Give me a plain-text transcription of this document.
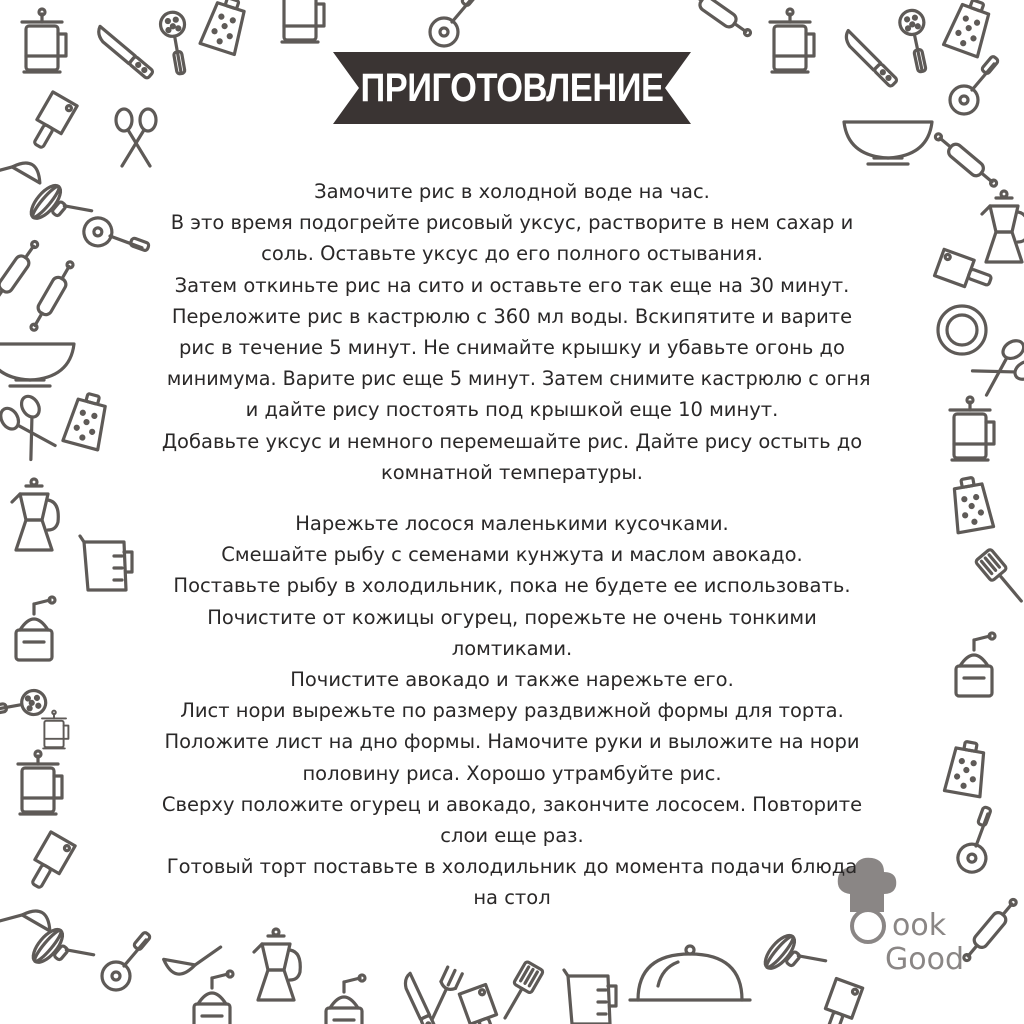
ПРИГОТОВЛЕНИЕ
Замочите рис в холодной воде на час.
В это время подогрейте рисовый уксус, растворите в нем сахар и
соль. Оставьте уксус до его полного остывания.
Затем откиньте рис на сито и оставьте его так еще на 30 минут.
Переложите рис в кастрюлю с 360 мл воды. Вскипятите и варите
рис в течение 5 минут. Не снимайте крышку и убавьте огонь до
минимума. Варите рис еще 5 минут. Затем снимите кастрюлю с огня
и дайте рису постоять под крышкой еще 10 минут.
Добавьте уксус и немного перемешайте рис. Дайте рису остыть до
комнатной температуры.
Нарежьте лосося маленькими кусочками.
Смешайте рыбу с семенами кунжута и маслом авокадо.
Поставьте рыбу в холодильник, пока не будете ее использовать.
Почистите от кожицы огурец, порежьте не очень тонкими
ломтиками.
Почистите авокадо и также нарежьте его.
Лист нори вырежьте по размеру раздвижной формы для торта.
Положите лист на дно формы. Намочите руки и выложите на нори
половину риса. Хорошо утрамбуйте рис.
Сверху положите огурец и авокадо, закончите лососем. Повторите
слои еще раз.
Готовый торт поставьте в холодильник до момента подачи блюда
на стол
ook
Good
